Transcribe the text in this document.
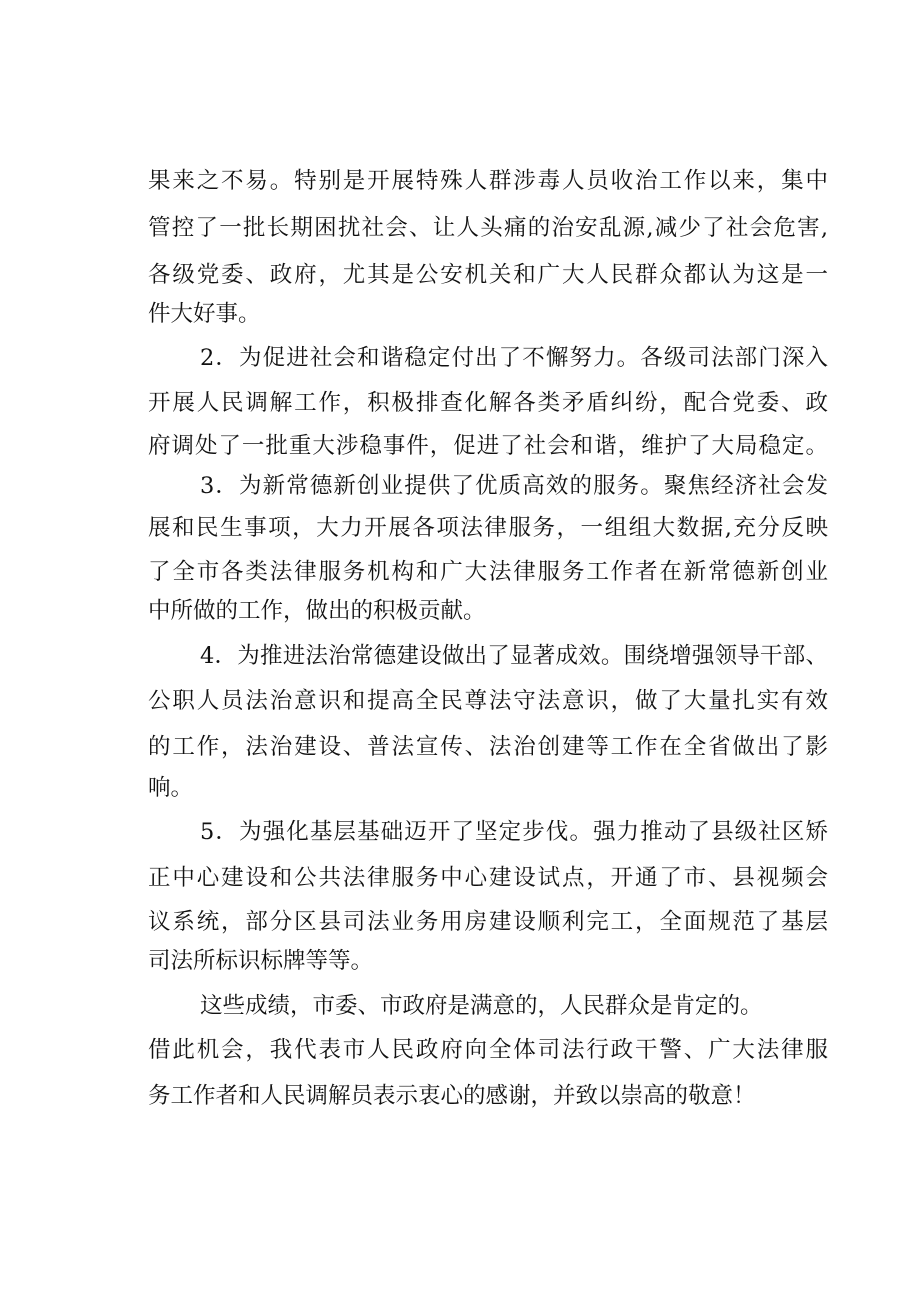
果来之不易。特别是开展特殊人群涉毒人员收治工作以来，集中
管控了一批长期困扰社会、让人头痛的治安乱源,减少了社会危害,
各级党委、政府，尤其是公安机关和广大人民群众都认为这是一
件大好事。
2．为促进社会和谐稳定付出了不懈努力。各级司法部门深入
开展人民调解工作，积极排查化解各类矛盾纠纷，配合党委、政
府调处了一批重大涉稳事件，促进了社会和谐，维护了大局稳定。
3．为新常德新创业提供了优质高效的服务。聚焦经济社会发
展和民生事项，大力开展各项法律服务，一组组大数据,充分反映
了全市各类法律服务机构和广大法律服务工作者在新常德新创业
中所做的工作，做出的积极贡献。
4．为推进法治常德建设做出了显著成效。围绕增强领导干部、
公职人员法治意识和提高全民尊法守法意识，做了大量扎实有效
的工作，法治建设、普法宣传、法治创建等工作在全省做出了影
响。
5．为强化基层基础迈开了坚定步伐。强力推动了县级社区矫
正中心建设和公共法律服务中心建设试点，开通了市、县视频会
议系统，部分区县司法业务用房建设顺利完工，全面规范了基层
司法所标识标牌等等。
这些成绩，市委、市政府是满意的，人民群众是肯定的。
借此机会，我代表市人民政府向全体司法行政干警、广大法律服
务工作者和人民调解员表示衷心的感谢，并致以崇高的敬意！
